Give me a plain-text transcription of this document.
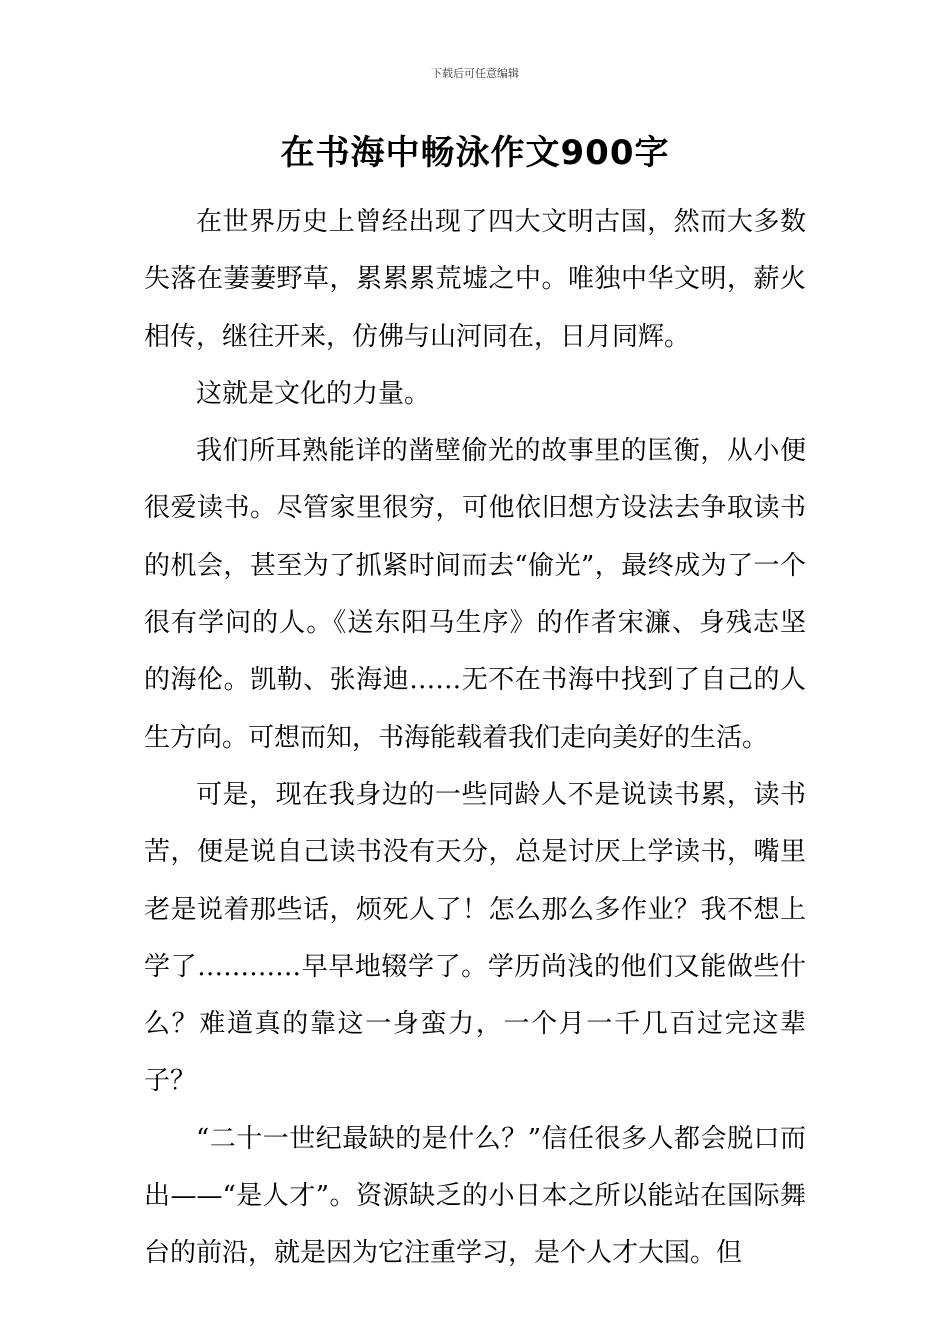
下载后可任意编辑
在书海中畅泳作文900字

在世界历史上曾经出现了四大文明古国，然而大多数失落在萋萋野草，累累累荒墟之中。唯独中华文明，薪火相传，继往开来，仿佛与山河同在，日月同辉。

这就是文化的力量。

我们所耳熟能详的凿壁偷光的故事里的匡衡，从小便很爱读书。尽管家里很穷，可他依旧想方设法去争取读书的机会，甚至为了抓紧时间而去“偷光”，最终成为了一个很有学问的人。《送东阳马生序》的作者宋濂、身残志坚的海伦。凯勒、张海迪……无不在书海中找到了自己的人生方向。可想而知，书海能载着我们走向美好的生活。

可是，现在我身边的一些同龄人不是说读书累，读书苦，便是说自己读书没有天分，总是讨厌上学读书，嘴里老是说着那些话，烦死人了！怎么那么多作业？我不想上学了…………早早地辍学了。学历尚浅的他们又能做些什么？难道真的靠这一身蛮力，一个月一千几百过完这辈子？

“二十一世纪最缺的是什么？”信任很多人都会脱口而出——“是人才”。资源缺乏的小日本之所以能站在国际舞台的前沿，就是因为它注重学习，是个人才大国。但
